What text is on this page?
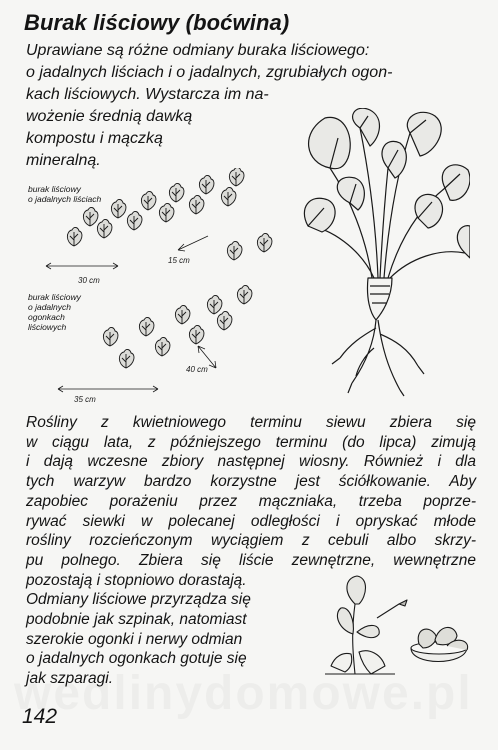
Burak liściowy (boćwina)
Uprawiane są różne odmiany buraka liściowego:
o jadalnych liściach i o jadalnych, zgrubiałych ogon-
kach liściowych. Wystarcza im na-
wożenie średnią dawką
kompostu i mączką
mineralną.
burak liściowy
o jadalnych liściach
burak liściowy
o jadalnych
ogonkach
liściowych
15 cm
30 cm
40 cm
35 cm
Rośliny z kwietniowego terminu siewu zbiera się
w ciągu lata, z późniejszego terminu (do lipca) zimują
i dają wczesne zbiory następnej wiosny. Również i dla
tych warzyw bardzo korzystne jest ściółkowanie. Aby
zapobiec porażeniu przez mączniaka, trzeba poprze-
rywać siewki w polecanej odległości i opryskać młode
rośliny rozcieńczonym wyciągiem z cebuli albo skrzy-
pu polnego. Zbiera się liście zewnętrzne, wewnętrzne
pozostają i stopniowo dorastają.
Odmiany liściowe przyrządza się
podobnie jak szpinak, natomiast
szerokie ogonki i nerwy odmian
o jadalnych ogonkach gotuje się
jak szparagi.
142
